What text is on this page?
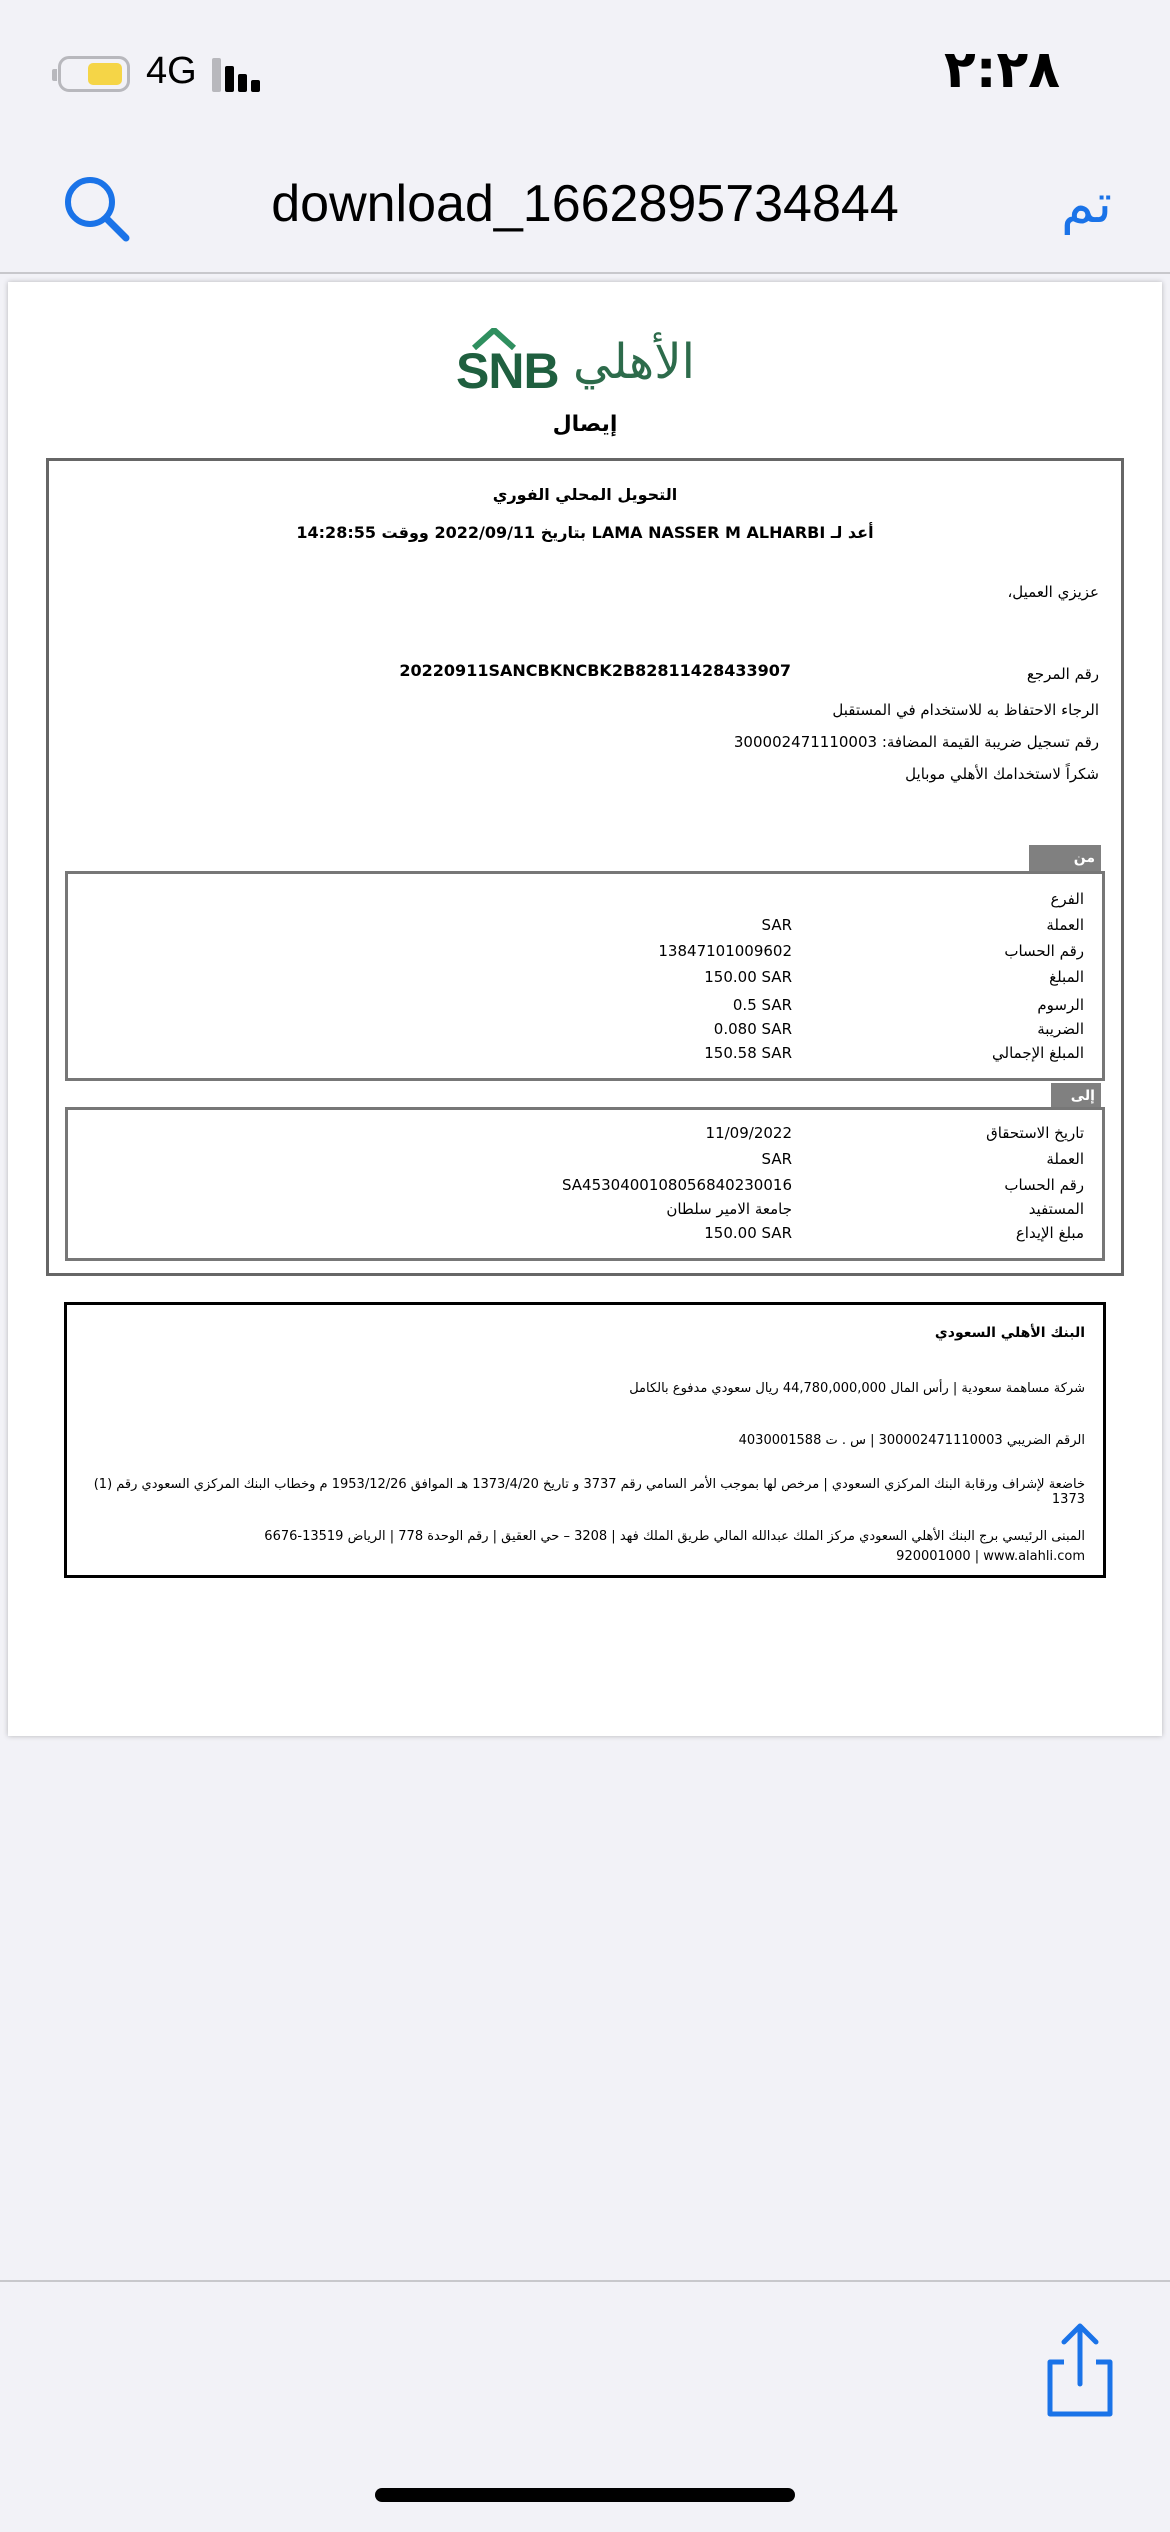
4G	٢:٢٨
download_1662895734844	تم
SNB الأهلي
إيصال
التحويل المحلي الفوري
أعد لـ LAMA NASSER M ALHARBI بتاريخ 2022/09/11 ووقت 14:28:55
عزيزي العميل،
رقم المرجع
20220911SANCBKNCBK2B82811428433907
الرجاء الاحتفاظ به للاستخدام في المستقبل
رقم تسجيل ضريبة القيمة المضافة: 300002471110003
شكراً لاستخدامك الأهلي موبايل
من
الفرع
العملة
SAR
رقم الحساب
13847101009602
المبلغ
150.00 SAR
الرسوم
0.5 SAR
الضريبة
0.080 SAR
المبلغ الإجمالي
150.58 SAR
إلى
تاريخ الاستحقاق
11/09/2022
العملة
SAR
رقم الحساب
SA4530400108056840230016
المستفيد
جامعة الامير سلطان
مبلغ الإيداع
150.00 SAR
البنك الأهلي السعودي
شركة مساهمة سعودية | رأس المال 44,780,000,000 ريال سعودي مدفوع بالكامل
الرقم الضريبي 300002471110003 | س . ت 4030001588
خاضعة لإشراف ورقابة البنك المركزي السعودي | مرخص لها بموجب الأمر السامي رقم 3737 و تاريخ 1373/4/20 هـ الموافق 1953/12/26 م وخطاب البنك المركزي السعودي رقم (1) 1373
المبنى الرئيسي برج البنك الأهلي السعودي مركز الملك عبدالله المالي طريق الملك فهد | 3208 – حي العقيق | رقم الوحدة 778 | الرياض 13519-6676
920001000 | www.alahli.com
